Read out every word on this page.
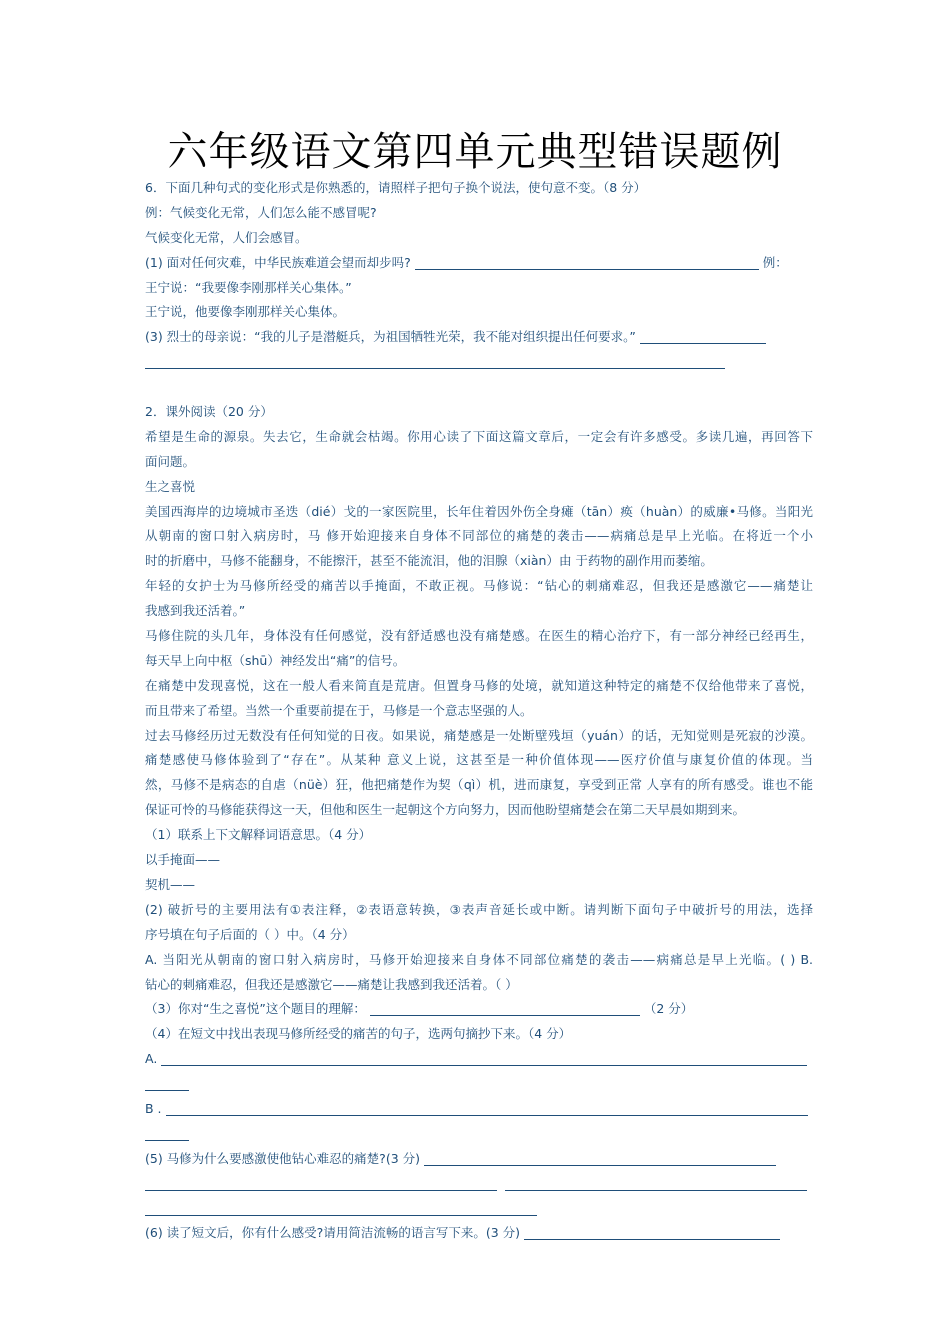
六年级语文第四单元典型错误题例
6．下面几种句式的变化形式是你熟悉的，请照样子把句子换个说法，使句意不变。（8 分）
例：气候变化无常，人们怎么能不感冒呢?
气候变化无常，人们会感冒。
(1) 面对任何灾难，中华民族难道会望而却步吗?	例：
王宁说：“我要像李刚那样关心集体。”
王宁说，他要像李刚那样关心集体。
(3) 烈士的母亲说：“我的儿子是潜艇兵，为祖国牺牲光荣，我不能对组织提出任何要求。”
2．课外阅读（20 分）
希望是生命的源泉。失去它，生命就会枯竭。你用心读了下面这篇文章后，一定会有许多感受。多读几遍，再回答下
面问题。
生之喜悦
美国西海岸的边境城市圣迭（dié）戈的一家医院里，长年住着因外伤全身瘫（tān）痪（huàn）的威廉•马修。当阳光
从朝南的窗口射入病房时，马 修开始迎接来自身体不同部位的痛楚的袭击——病痛总是早上光临。在将近一个小
时的折磨中，马修不能翻身，不能擦汗，甚至不能流泪，他的泪腺（xiàn）由 于药物的副作用而萎缩。
年轻的女护士为马修所经受的痛苦以手掩面，不敢正视。马修说：“钻心的刺痛难忍，但我还是感激它——痛楚让
我感到我还活着。”
马修住院的头几年，身体没有任何感觉，没有舒适感也没有痛楚感。在医生的精心治疗下，有一部分神经已经再生，
每天早上向中枢（shū）神经发出“痛”的信号。
在痛楚中发现喜悦，这在一般人看来简直是荒唐。但置身马修的处境，就知道这种特定的痛楚不仅给他带来了喜悦，
而且带来了希望。当然一个重要前提在于，马修是一个意志坚强的人。
过去马修经历过无数没有任何知觉的日夜。如果说，痛楚感是一处断壁残垣（yuán）的话，无知觉则是死寂的沙漠。
痛楚感使马修体验到了“存在”。从某种 意义上说，这甚至是一种价值体现——医疗价值与康复价值的体现。当
然，马修不是病态的自虐（nüè）狂，他把痛楚作为契（qì）机，进而康复，享受到正常 人享有的所有感受。谁也不能
保证可怜的马修能获得这一天，但他和医生一起朝这个方向努力，因而他盼望痛楚会在第二天早晨如期到来。
（1）联系上下文解释词语意思。（4 分）
以手掩面——
契机——
(2) 破折号的主要用法有①表注释，②表语意转换，③表声音延长或中断。请判断下面句子中破折号的用法，选择
序号填在句子后面的（ ）中。（4 分）
A. 当阳光从朝南的窗口射入病房时，马修开始迎接来自身体不同部位痛楚的袭击——病痛总是早上光临。( ) B.
钻心的刺痛难忍，但我还是感激它——痛楚让我感到我还活着。（ ）
（3）你对“生之喜悦”这个题目的理解：	（2 分）
（4）在短文中找出表现马修所经受的痛苦的句子，选两句摘抄下来。（4 分）
A.
B .
(5) 马修为什么要感激使他钻心难忍的痛楚?(3 分)

(6) 读了短文后，你有什么感受?请用简洁流畅的语言写下来。(3 分)
